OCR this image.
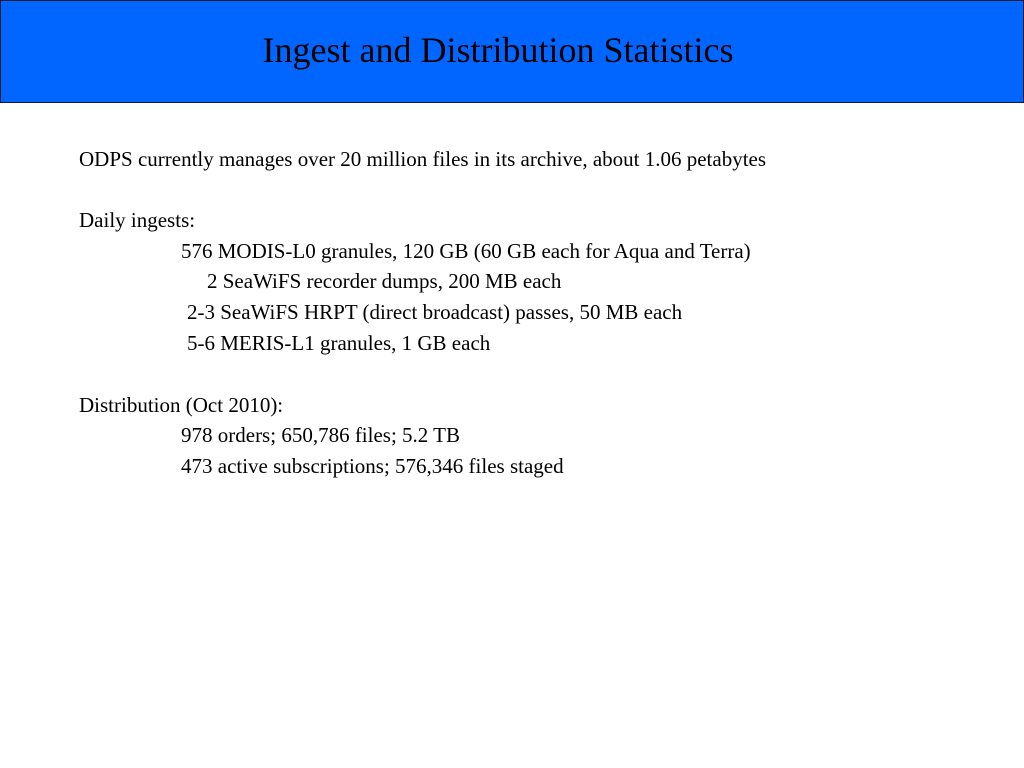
Ingest and Distribution Statistics
ODPS currently manages over 20 million files in its archive, about 1.06 petabytes
Daily ingests:
576 MODIS-L0 granules, 120 GB (60 GB each for Aqua and Terra)
2 SeaWiFS recorder dumps, 200 MB each
2-3 SeaWiFS HRPT (direct broadcast) passes, 50 MB each
5-6 MERIS-L1 granules, 1 GB each
Distribution (Oct 2010):
978 orders; 650,786 files; 5.2 TB
473 active subscriptions; 576,346 files staged
